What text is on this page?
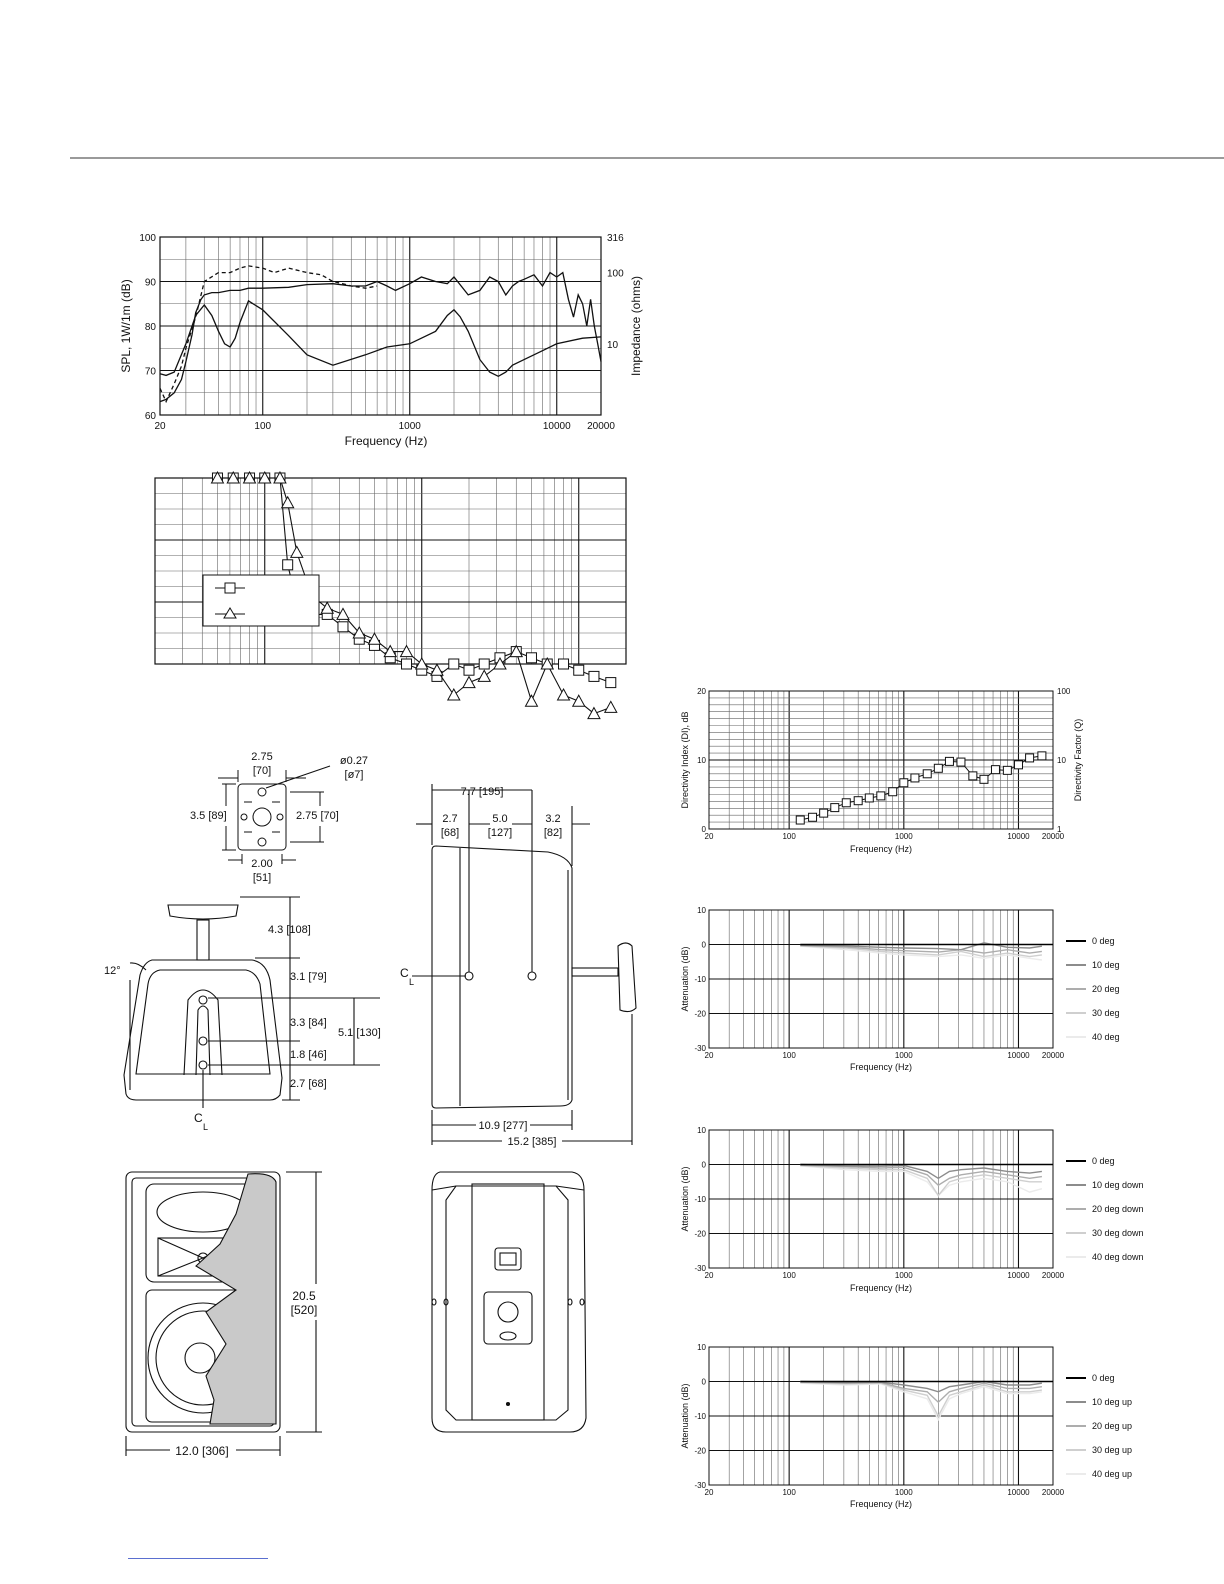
20	100	1000	10000 20000
60
70
80
90
100
10
100
316
Frequency (Hz)
SPL, 1W/1m (dB)	Impedance (ohms)
20	100	1000	10000 20000
0
10
20
1
10
100
Frequency (Hz)
Directivity Index (DI), dB	Directivity Factor (Q)
20	100	1000	10000 20000
-30
-20
-10
0
10
0 deg
10 deg
20 deg
30 deg
40 deg
Frequency (Hz)
Attenuation (dB)
20	100	1000	10000 20000
-30
-20
-10
0
10
0 deg
10 deg down
20 deg down
30 deg down
40 deg down
Frequency (Hz)
Attenuation (dB)
20	100	1000	10000 20000
-30
-20
-10
0
10
0 deg
10 deg up
20 deg up
30 deg up
40 deg up
Frequency (Hz)
Attenuation (dB)
2.75
[70]
ø0.27
[ø7]
3.5 [89]	2.75 [70]
2.00
[51]
12°
4.3 [108]
3.1 [79]
3.3 [84]
5.1 [130]
1.8 [46]
2.7 [68]
C
L
7.7 [195]
2.7
[68]
5.0
[127]
3.2
[82]
10.9 [277]
15.2 [385]
C
L
20.5
[520]
12.0 [306]
